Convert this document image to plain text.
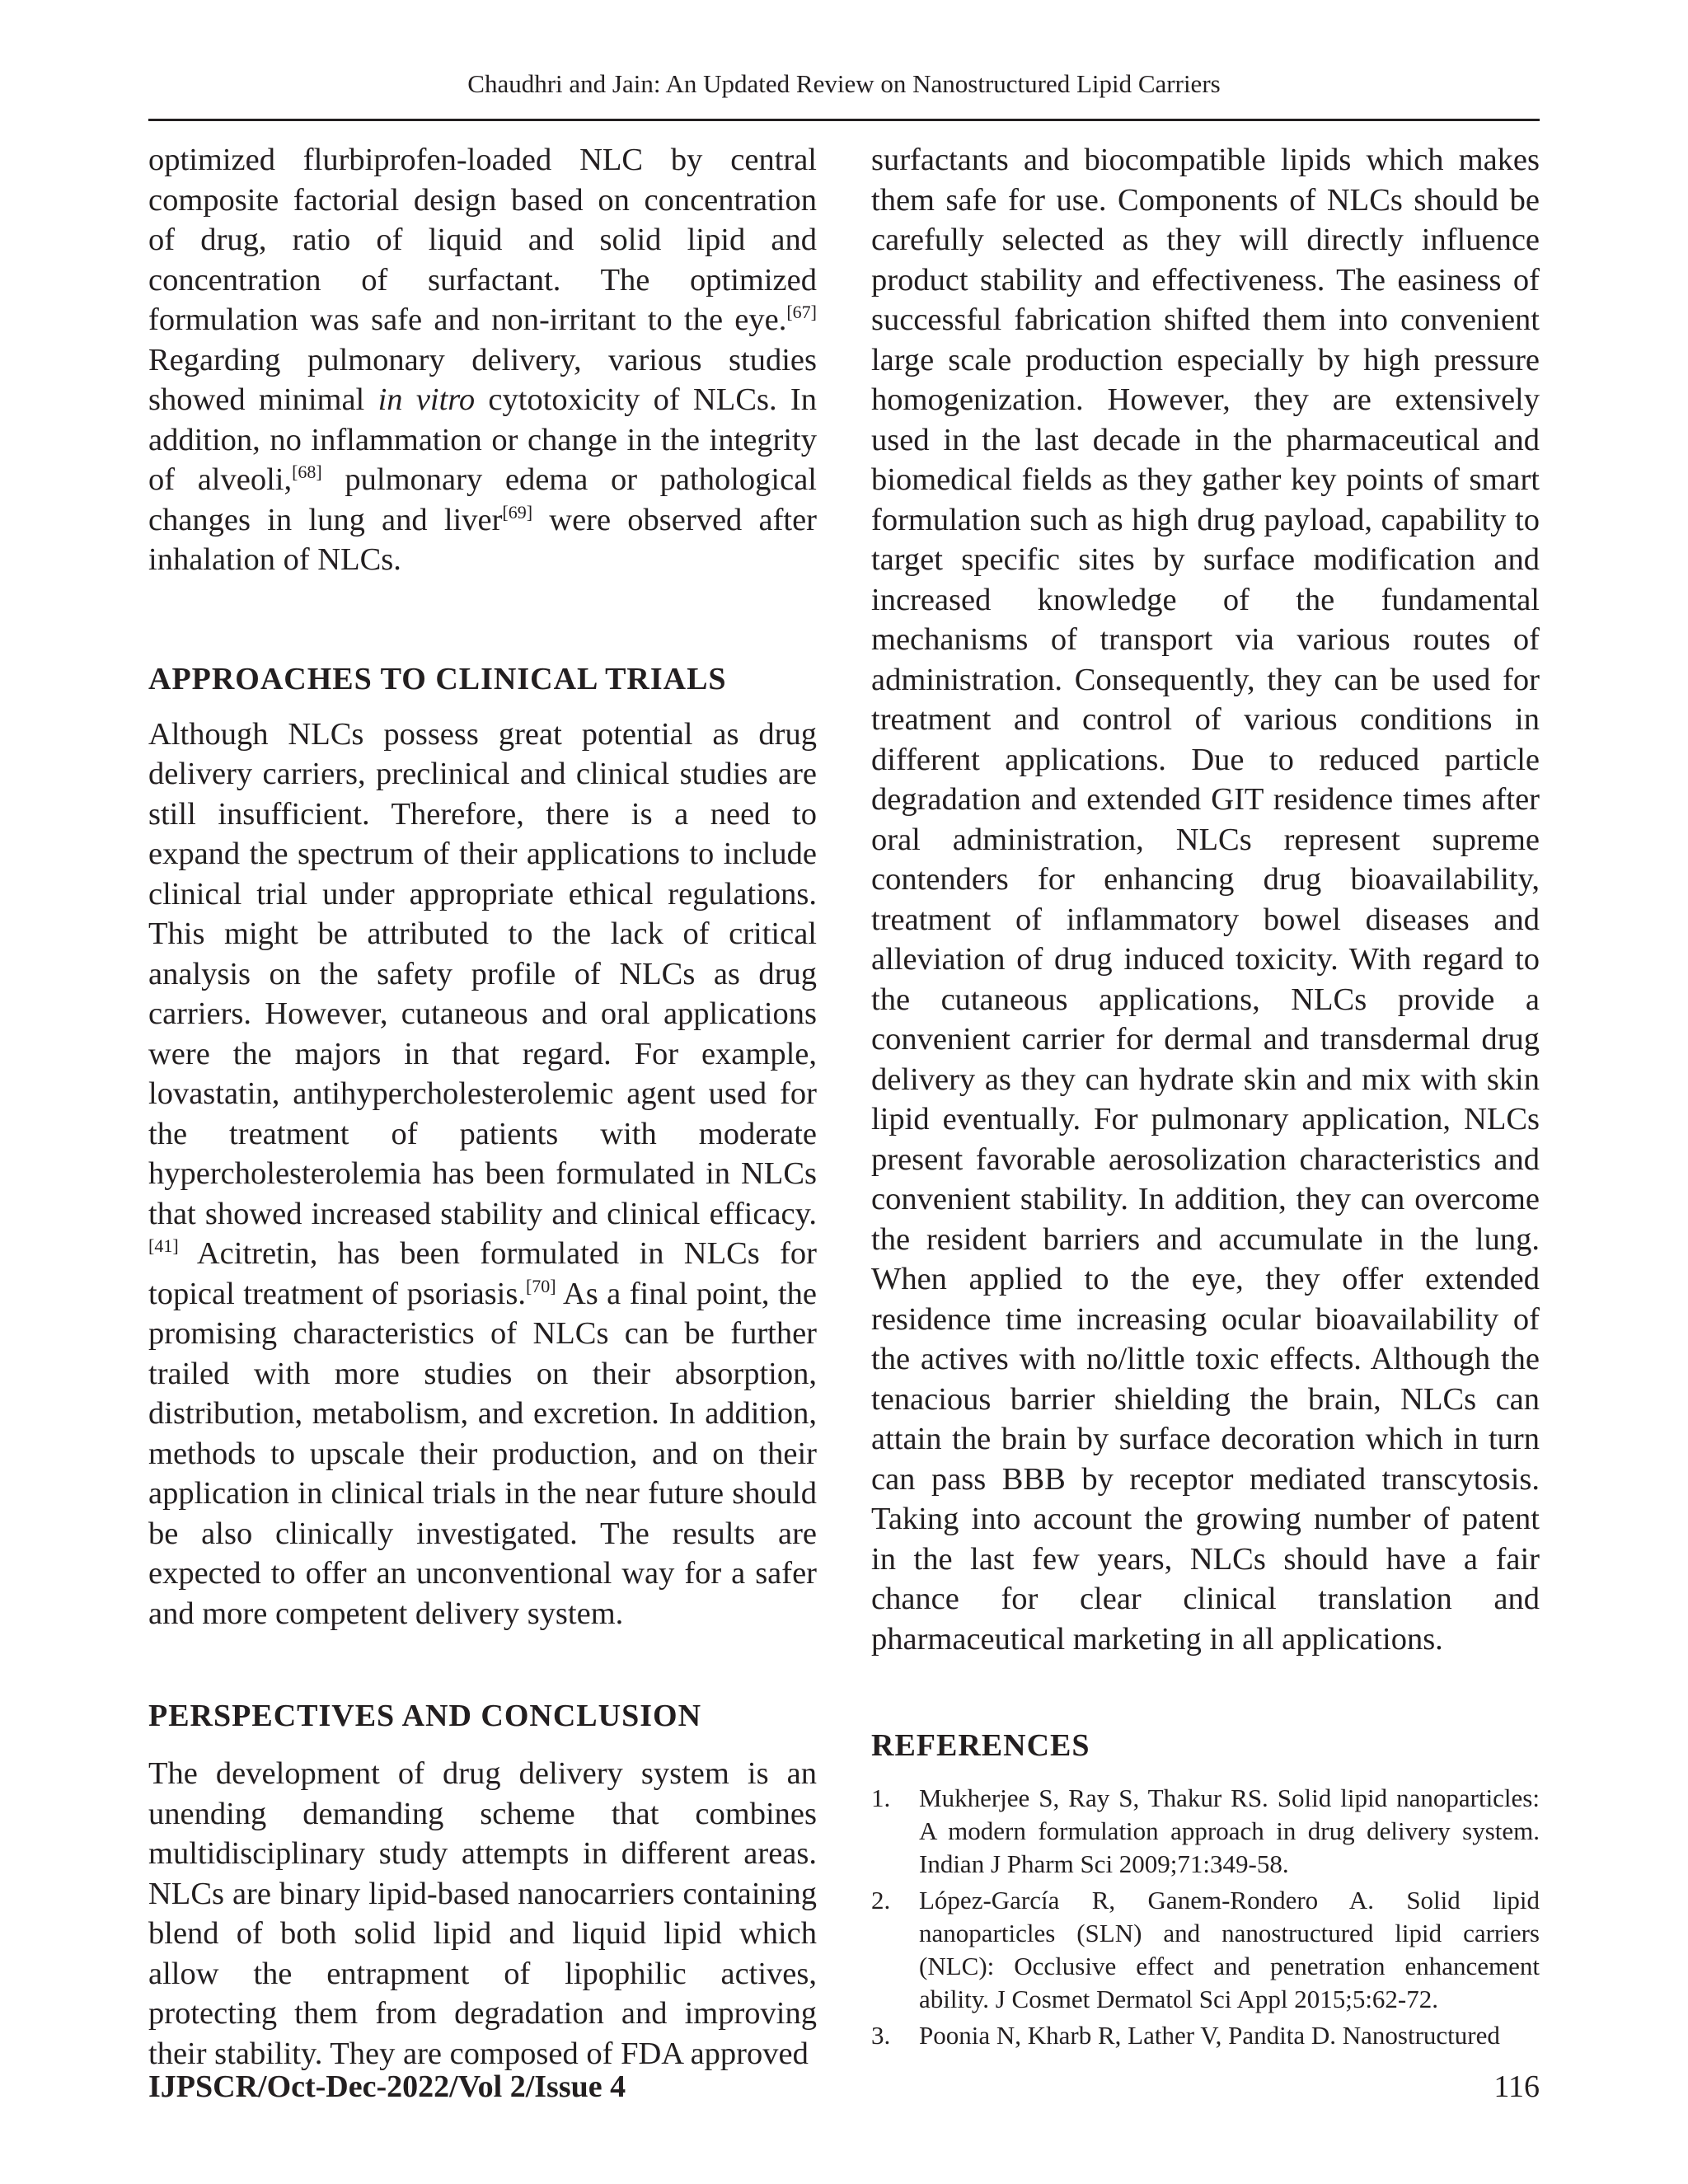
Chaudhri and Jain: An Updated Review on Nanostructured Lipid Carriers

optimized flurbiprofen-loaded NLC by central composite factorial design based on concentration of drug, ratio of liquid and solid lipid and concentration of surfactant. The optimized formulation was safe and non-irritant to the eye.[67] Regarding pulmonary delivery, various studies showed minimal in vitro cytotoxicity of NLCs. In addition, no inflammation or change in the integrity of alveoli,[68] pulmonary edema or pathological changes in lung and liver[69] were observed after inhalation of NLCs.

APPROACHES TO CLINICAL TRIALS

Although NLCs possess great potential as drug delivery carriers, preclinical and clinical studies are still insufficient. Therefore, there is a need to expand the spectrum of their applications to include clinical trial under appropriate ethical regulations. This might be attributed to the lack of critical analysis on the safety profile of NLCs as drug carriers. However, cutaneous and oral applications were the majors in that regard. For example, lovastatin, antihypercholesterolemic agent used for the treatment of patients with moderate hypercholesterolemia has been formulated in NLCs that showed increased stability and clinical efficacy.[41] Acitretin, has been formulated in NLCs for topical treatment of psoriasis.[70] As a final point, the promising characteristics of NLCs can be further trailed with more studies on their absorption, distribution, metabolism, and excretion. In addition, methods to upscale their production, and on their application in clinical trials in the near future should be also clinically investigated. The results are expected to offer an unconventional way for a safer and more competent delivery system.

PERSPECTIVES AND CONCLUSION

The development of drug delivery system is an unending demanding scheme that combines multidisciplinary study attempts in different areas. NLCs are binary lipid-based nanocarriers containing blend of both solid lipid and liquid lipid which allow the entrapment of lipophilic actives, protecting them from degradation and improving their stability. They are composed of FDA approved

surfactants and biocompatible lipids which makes them safe for use. Components of NLCs should be carefully selected as they will directly influence product stability and effectiveness. The easiness of successful fabrication shifted them into convenient large scale production especially by high pressure homogenization. However, they are extensively used in the last decade in the pharmaceutical and biomedical fields as they gather key points of smart formulation such as high drug payload, capability to target specific sites by surface modification and increased knowledge of the fundamental mechanisms of transport via various routes of administration. Consequently, they can be used for treatment and control of various conditions in different applications. Due to reduced particle degradation and extended GIT residence times after oral administration, NLCs represent supreme contenders for enhancing drug bioavailability, treatment of inflammatory bowel diseases and alleviation of drug induced toxicity. With regard to the cutaneous applications, NLCs provide a convenient carrier for dermal and transdermal drug delivery as they can hydrate skin and mix with skin lipid eventually. For pulmonary application, NLCs present favorable aerosolization characteristics and convenient stability. In addition, they can overcome the resident barriers and accumulate in the lung. When applied to the eye, they offer extended residence time increasing ocular bioavailability of the actives with no/little toxic effects. Although the tenacious barrier shielding the brain, NLCs can attain the brain by surface decoration which in turn can pass BBB by receptor mediated transcytosis. Taking into account the growing number of patent in the last few years, NLCs should have a fair chance for clear clinical translation and pharmaceutical marketing in all applications.

REFERENCES
1.	Mukherjee S, Ray S, Thakur RS. Solid lipid nanoparticles: A modern formulation approach in drug delivery system. Indian J Pharm Sci 2009;71:349-58.
2.	López-García R, Ganem-Rondero A. Solid lipid nanoparticles (SLN) and nanostructured lipid carriers (NLC): Occlusive effect and penetration enhancement ability. J Cosmet Dermatol Sci Appl 2015;5:62-72.
3.	Poonia N, Kharb R, Lather V, Pandita D. Nanostructured
IJPSCR/Oct-Dec-2022/Vol 2/Issue 4	116
